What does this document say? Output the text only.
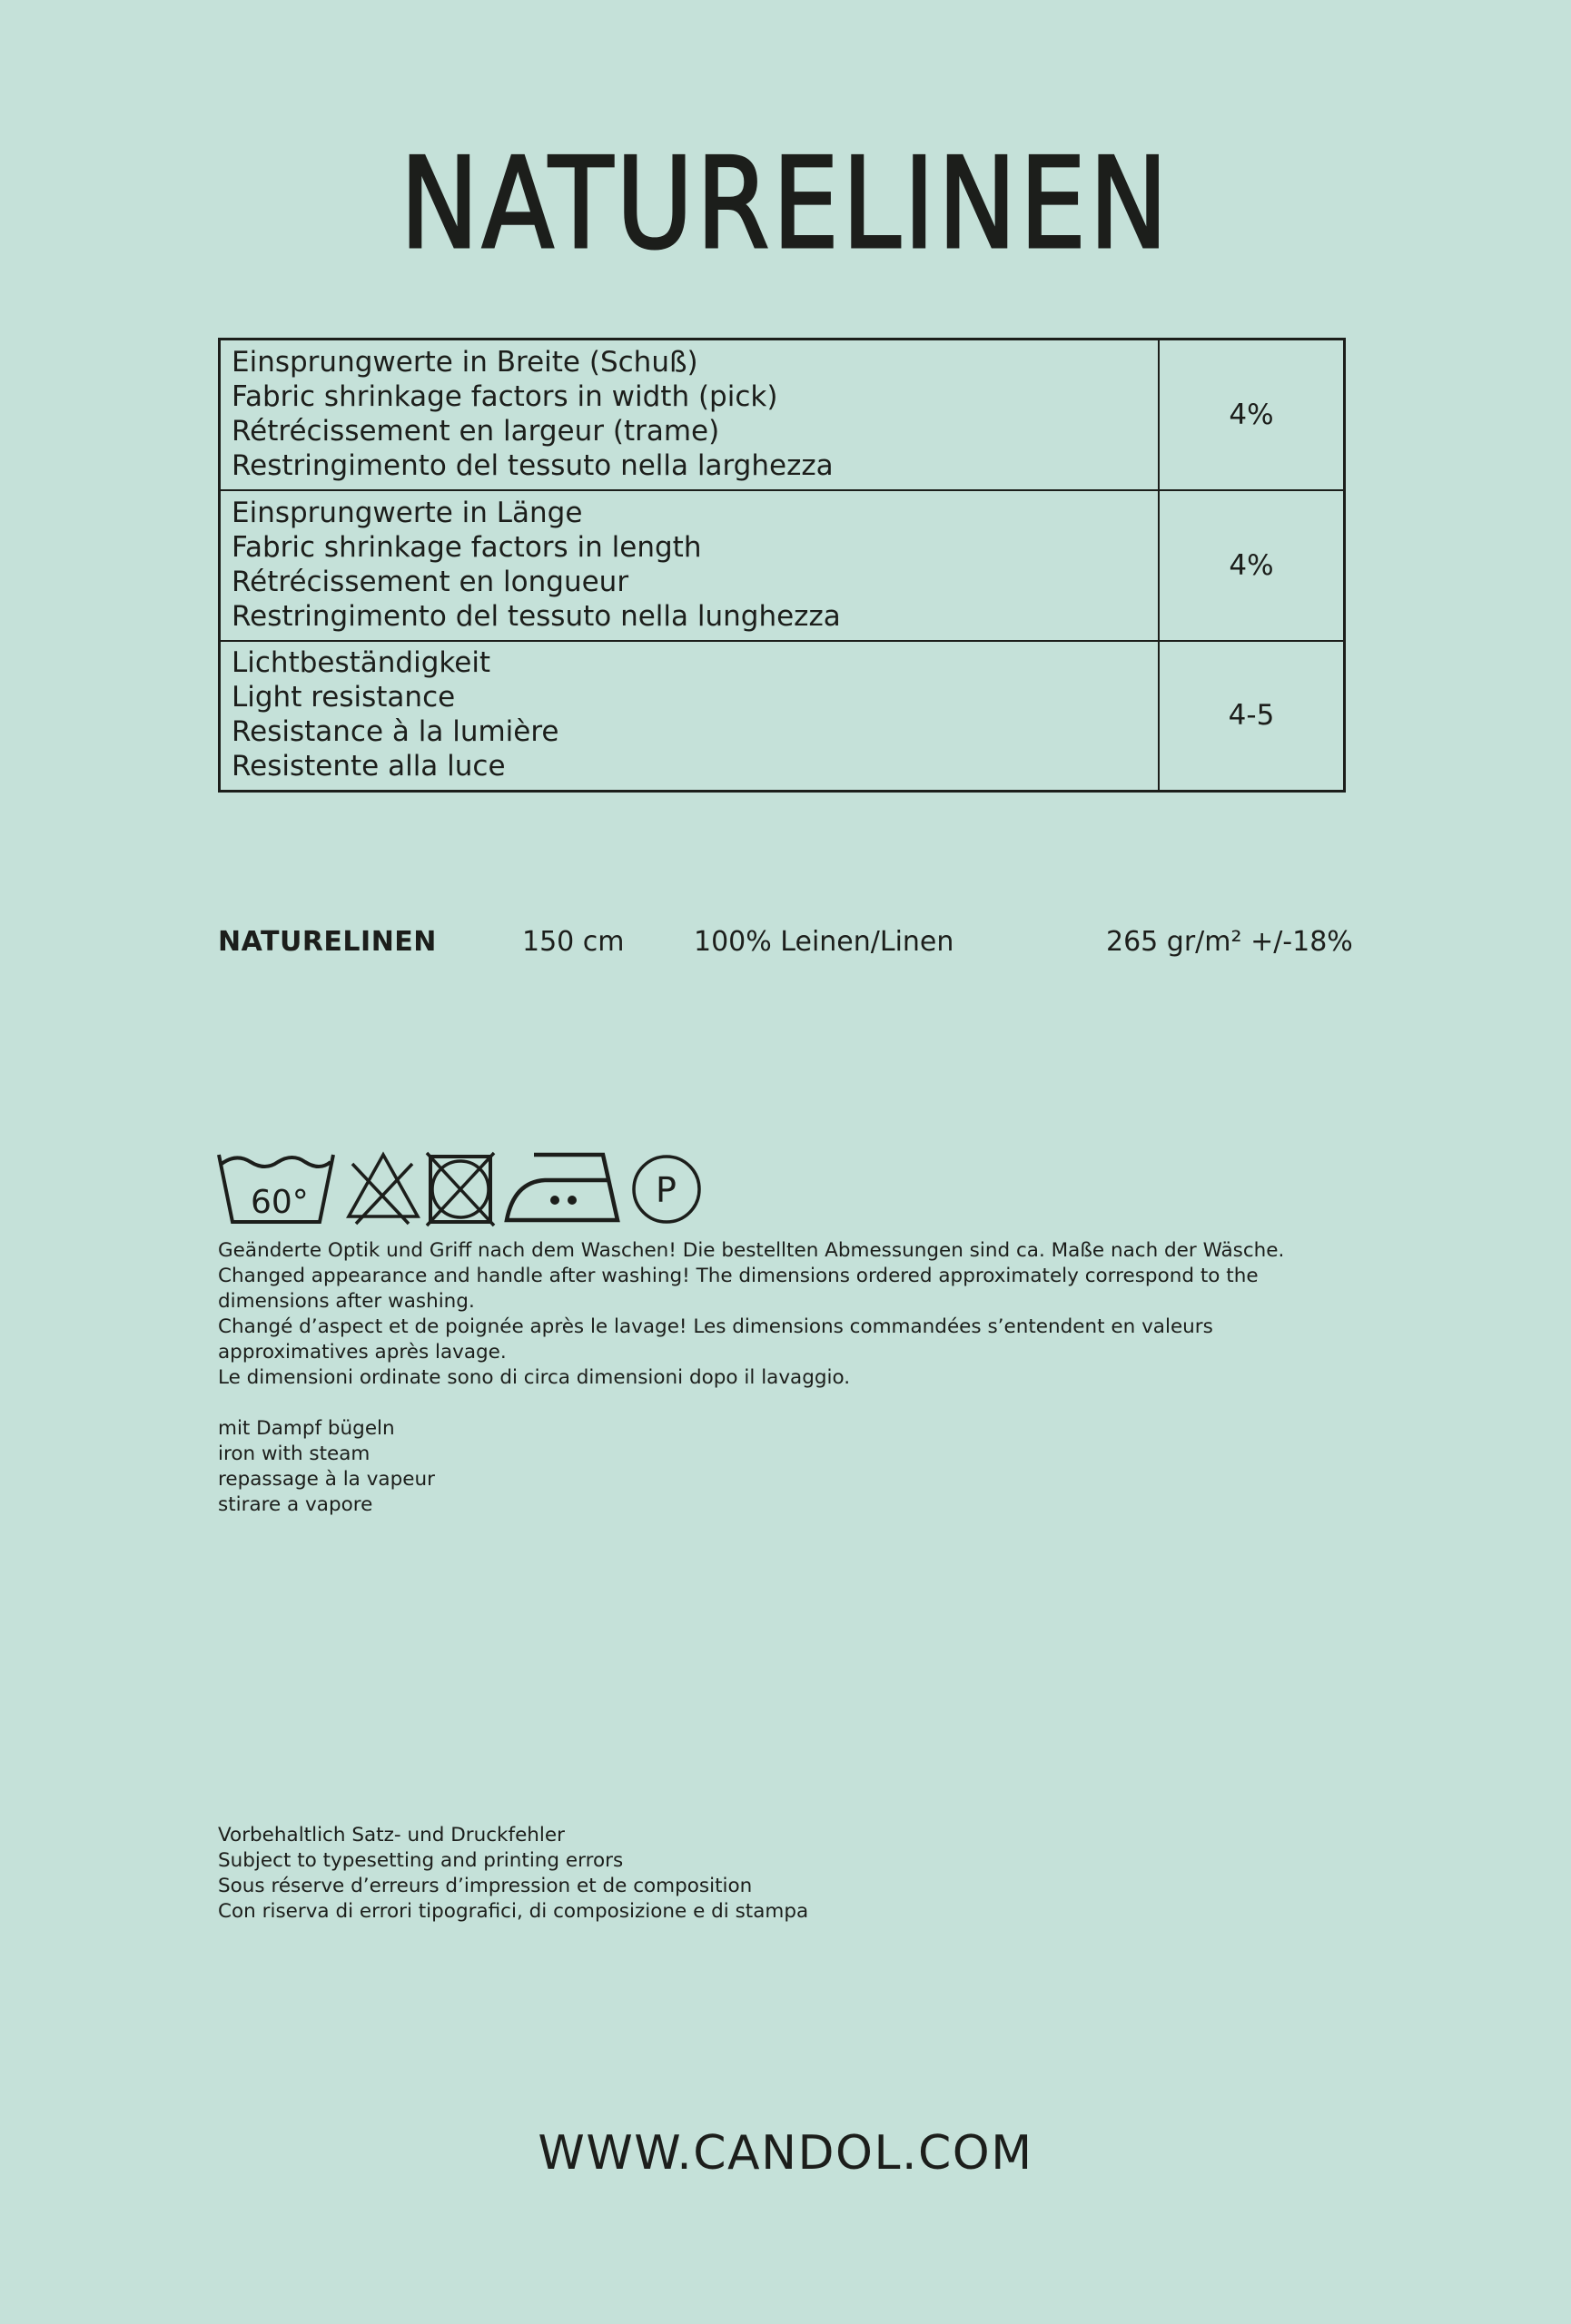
NATURELINEN
Einsprungwerte in Breite (Schuß)
Fabric shrinkage factors in width (pick)
Rétrécissement en largeur (trame)
Restringimento del tessuto nella larghezza	4%

Einsprungwerte in Länge
Fabric shrinkage factors in length
Rétrécissement en longueur
Restringimento del tessuto nella lunghezza	4%

Lichtbeständigkeit
Light resistance
Resistance à la lumière
Resistente alla luce	4-5
NATURELINEN	150 cm	100% Leinen/Linen	265 gr/m² +/-18%
60°	P
Geänderte Optik und Griff nach dem Waschen! Die bestellten Abmessungen sind ca. Maße nach der Wäsche.
Changed appearance and handle after washing! The dimensions ordered approximately correspond to the dimensions after washing.
Changé d’aspect et de poignée après le lavage! Les dimensions commandées s’entendent en valeurs approximatives après lavage.
Le dimensioni ordinate sono di circa dimensioni dopo il lavaggio.
mit Dampf bügeln
iron with steam
repassage à la vapeur
stirare a vapore
Vorbehaltlich Satz- und Druckfehler
Subject to typesetting and printing errors
Sous réserve d’erreurs d’impression et de composition
Con riserva di errori tipografici, di composizione e di stampa
WWW.CANDOL.COM
